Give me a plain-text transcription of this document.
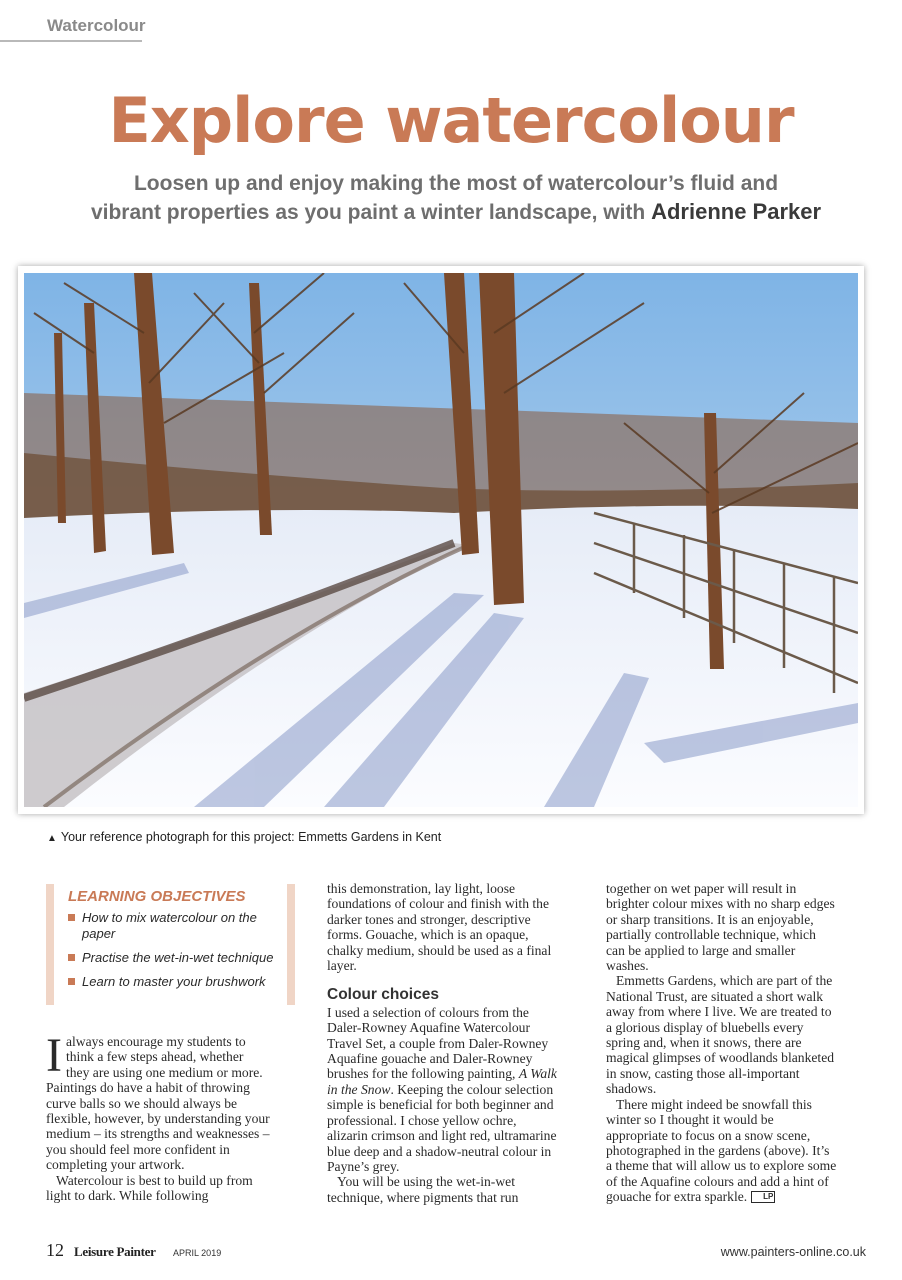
Watercolour
Explore watercolour
Loosen up and enjoy making the most of watercolour’s fluid and
vibrant properties as you paint a winter landscape, with Adrienne Parker
▲ Your reference photograph for this project: Emmetts Gardens in Kent
LEARNING OBJECTIVES
How to mix watercolour on the paper
Practise the wet-in-wet technique
Learn to master your brushwork

Ialways encourage my students to think a few steps ahead, whether they are using one medium or more. Paintings do have a habit of throwing curve balls so we should always be flexible, however, by understanding your medium – its strengths and weaknesses – you should feel more confident in completing your artwork.

Watercolour is best to build up from light to dark. While following

this demonstration, lay light, loose foundations of colour and finish with the darker tones and stronger, descriptive forms. Gouache, which is an opaque, chalky medium, should be used as a final layer.

Colour choices

I used a selection of colours from the Daler-Rowney Aquafine Watercolour Travel Set, a couple from Daler-Rowney Aquafine gouache and Daler-Rowney brushes for the following painting, A Walk in the Snow. Keeping the colour selection simple is beneficial for both beginner and professional. I chose yellow ochre, alizarin crimson and light red, ultramarine blue deep and a shadow-neutral colour in Payne’s grey.

You will be using the wet-in-wet technique, where pigments that run

together on wet paper will result in brighter colour mixes with no sharp edges or sharp transitions. It is an enjoyable, partially controllable technique, which can be applied to large and smaller washes.

Emmetts Gardens, which are part of the National Trust, are situated a short walk away from where I live. We are treated to a glorious display of bluebells every spring and, when it snows, there are magical glimpses of woodlands blanketed in snow, casting those all-important shadows.

There might indeed be snowfall this winter so I thought it would be appropriate to focus on a snow scene, photographed in the gardens (above). It’s a theme that will allow us to explore some of the Aquafine colours and add a hint of gouache for extra sparkle. LP

12 Leisure Painter APRIL 2019	www.painters-online.co.uk
